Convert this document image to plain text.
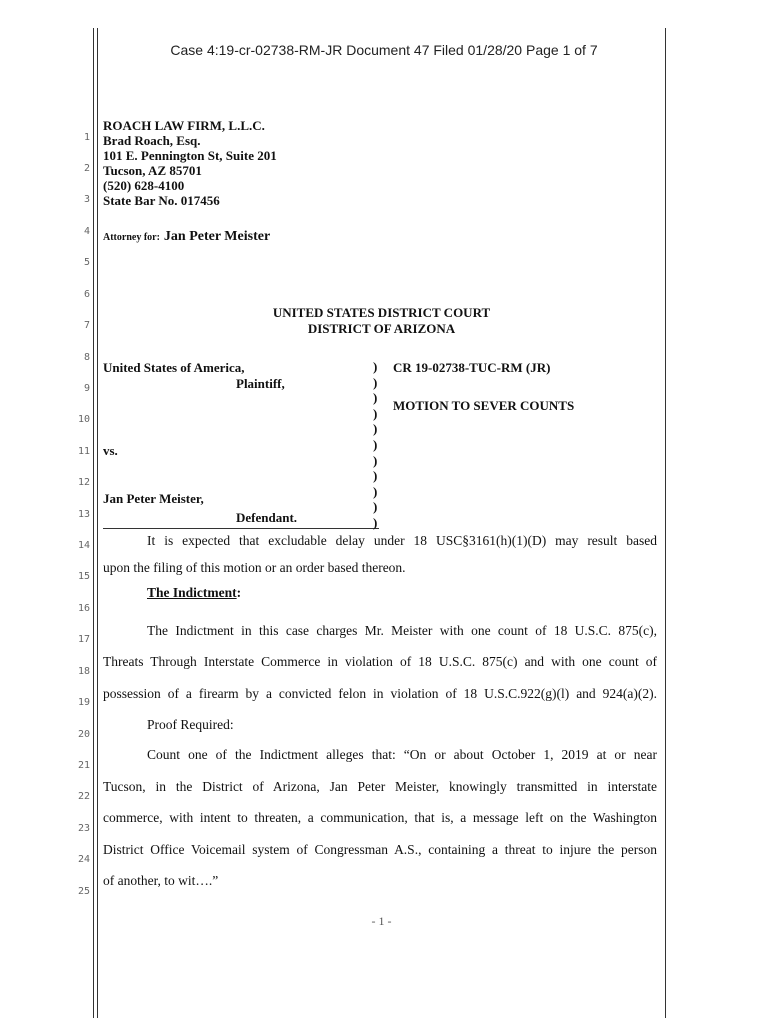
Case 4:19-cr-02738-RM-JR Document 47 Filed 01/28/20 Page 1 of 7
1
2
3
4
5
6
7
8
9
10
11
12
13
14
15
16
17
18
19
20
21
22
23
24
25
ROACH LAW FIRM, L.L.C.
Brad Roach, Esq.
101 E. Pennington St, Suite 201
Tucson, AZ 85701
(520) 628-4100
State Bar No. 017456
Attorney for: Jan Peter Meister
UNITED STATES DISTRICT COURT
DISTRICT OF ARIZONA
United States of America,
Plaintiff,
vs.
Jan Peter Meister,
Defendant.
)
)
)
)
)
)
)
)
)
)
)
CR 19-02738-TUC-RM (JR)
MOTION TO SEVER COUNTS
It is expected that excludable delay under 18 USC§3161(h)(1)(D) may result based
upon the filing of this motion or an order based thereon.
The Indictment:
The Indictment in this case charges Mr. Meister with one count of 18 U.S.C. 875(c),
Threats Through Interstate Commerce in violation of 18 U.S.C. 875(c) and with one count of
possession of a firearm by a convicted felon in violation of 18 U.S.C.922(g)(l) and 924(a)(2).
Proof Required:
Count one of the Indictment alleges that: “On or about October 1, 2019 at or near
Tucson, in the District of Arizona, Jan Peter Meister, knowingly transmitted in interstate
commerce, with intent to threaten, a communication, that is, a message left on the Washington
District Office Voicemail system of Congressman A.S., containing a threat to injure the person
of another, to wit….”
- 1 -
